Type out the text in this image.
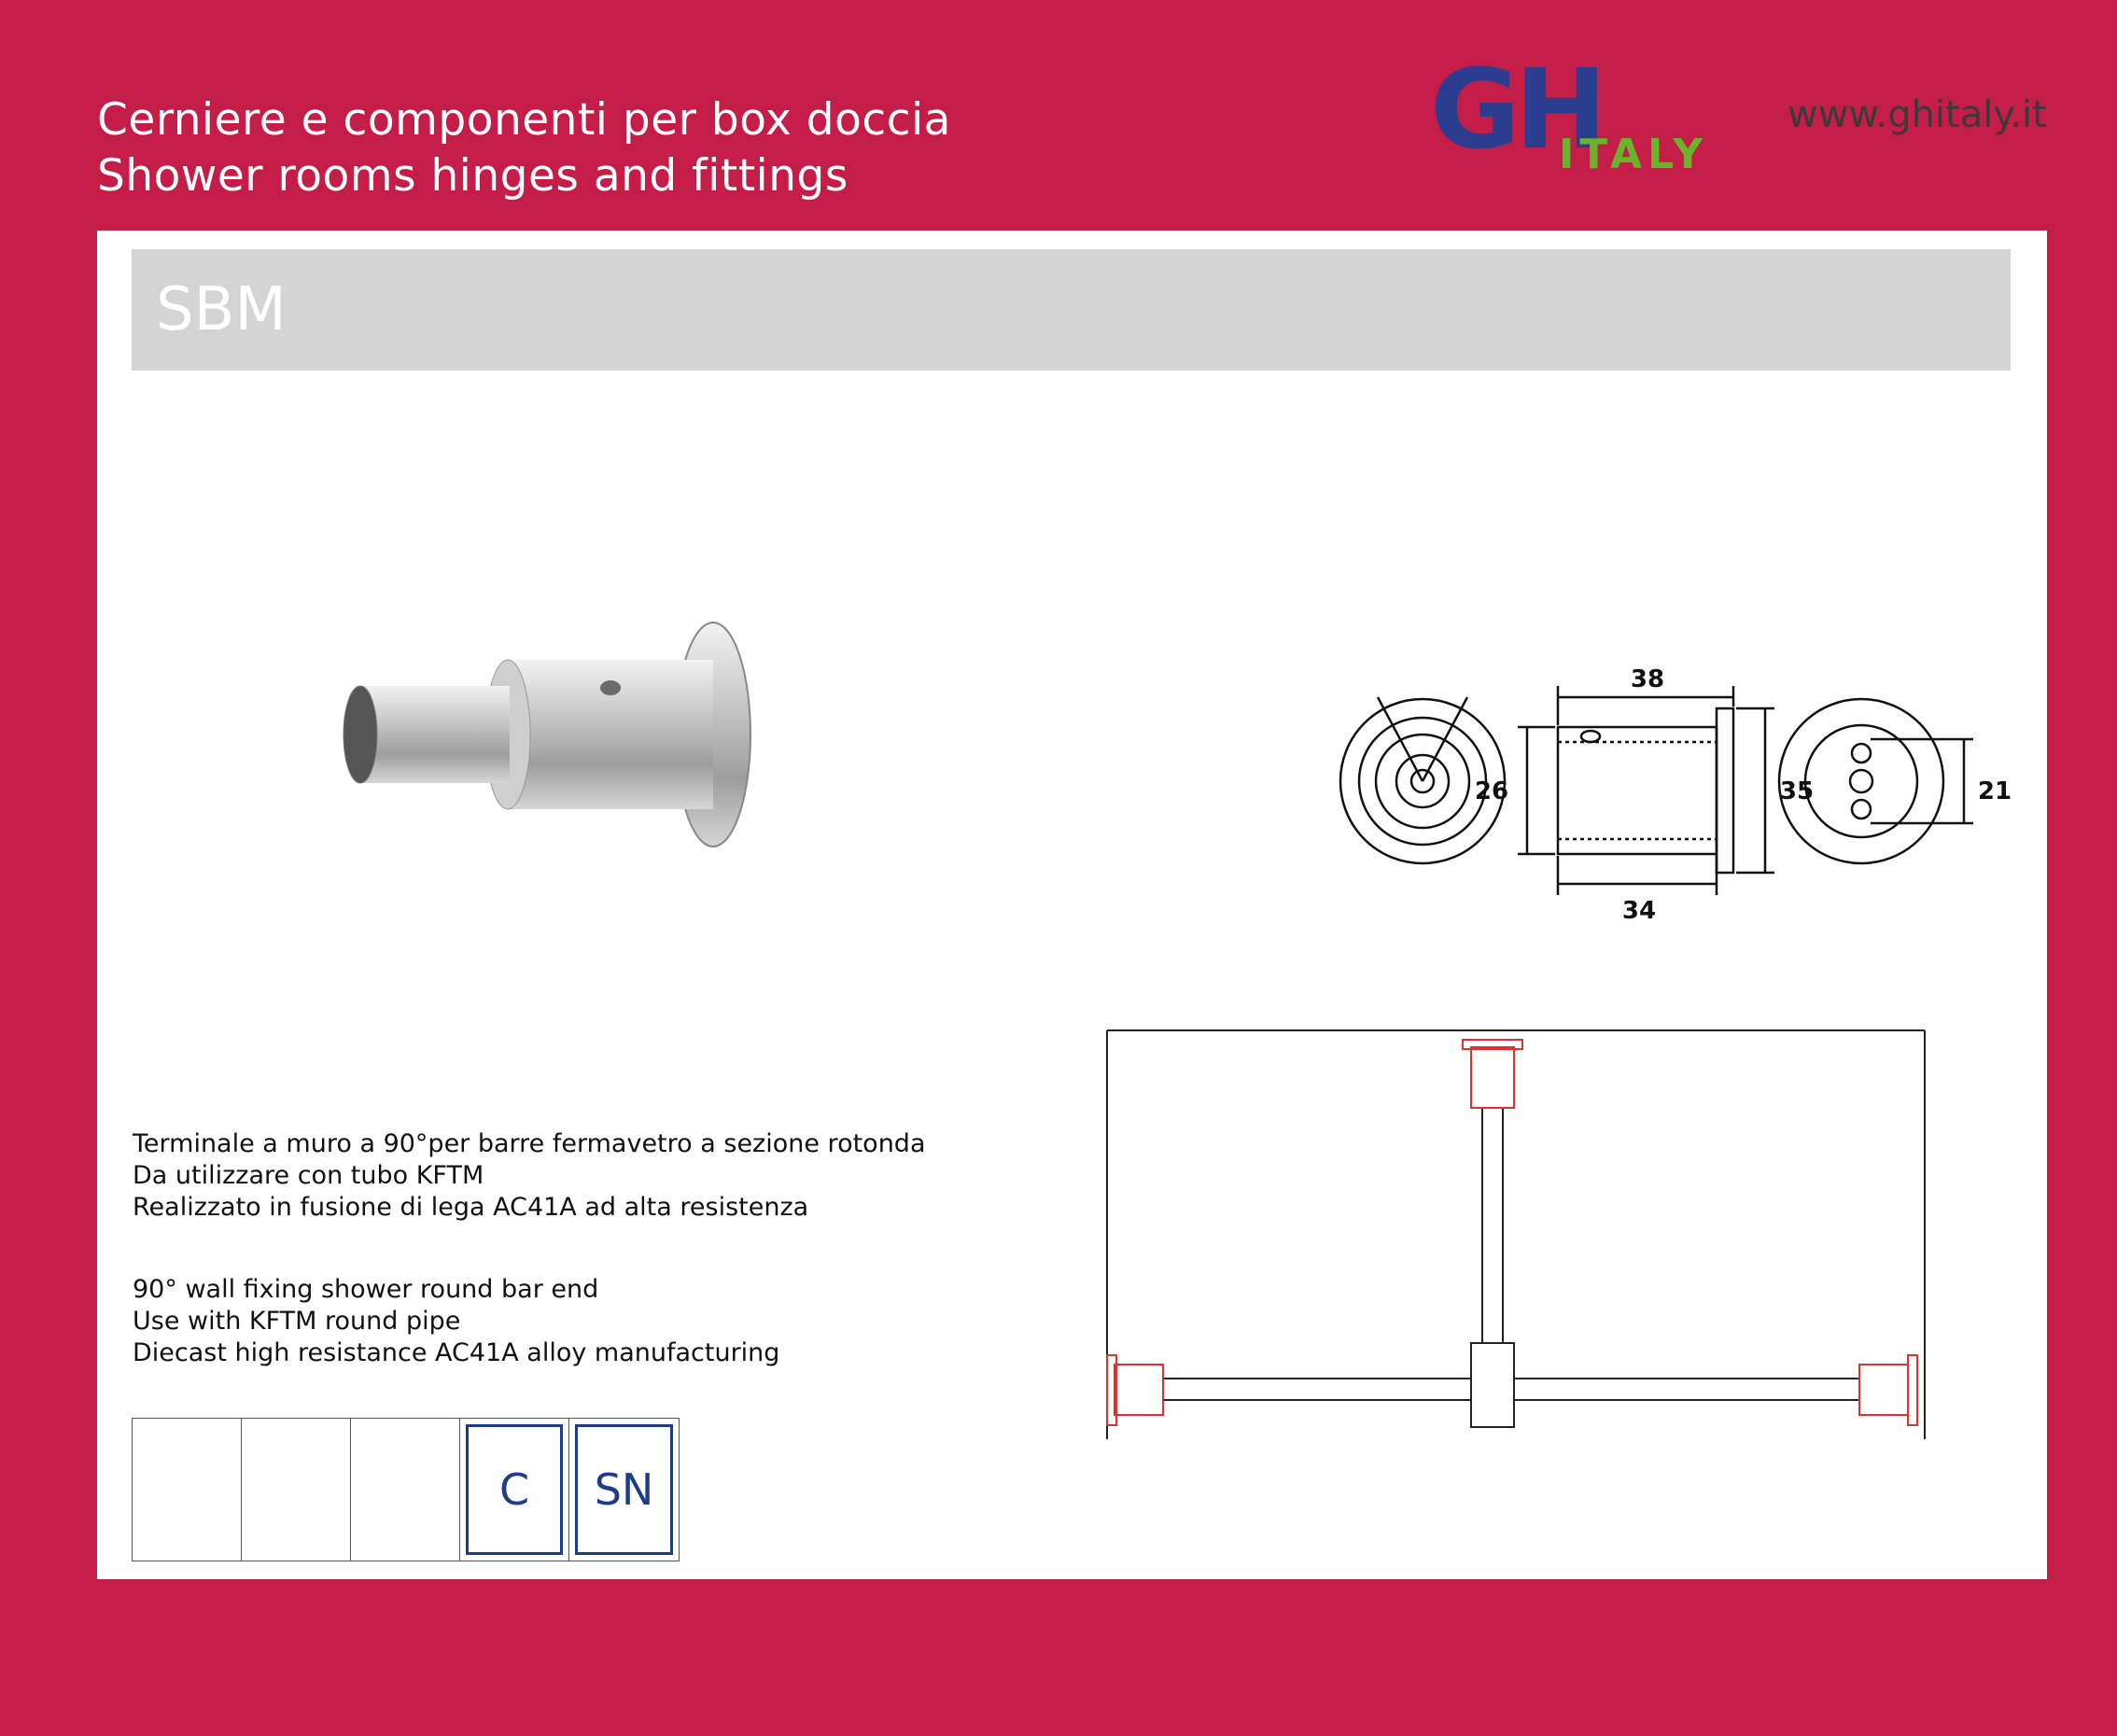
Cerniere e componenti per box doccia
Shower rooms hinges and fittings
GH
ITALY
www.ghitaly.it
SBM
38
34
26	35	21
Terminale a muro a 90°per barre fermavetro a sezione rotonda
Da utilizzare con tubo KFTM
Realizzato in fusione di lega AC41A ad alta resistenza
90° wall fixing shower round bar end
Use with KFTM round pipe
Diecast high resistance AC41A alloy manufacturing
C	SN
